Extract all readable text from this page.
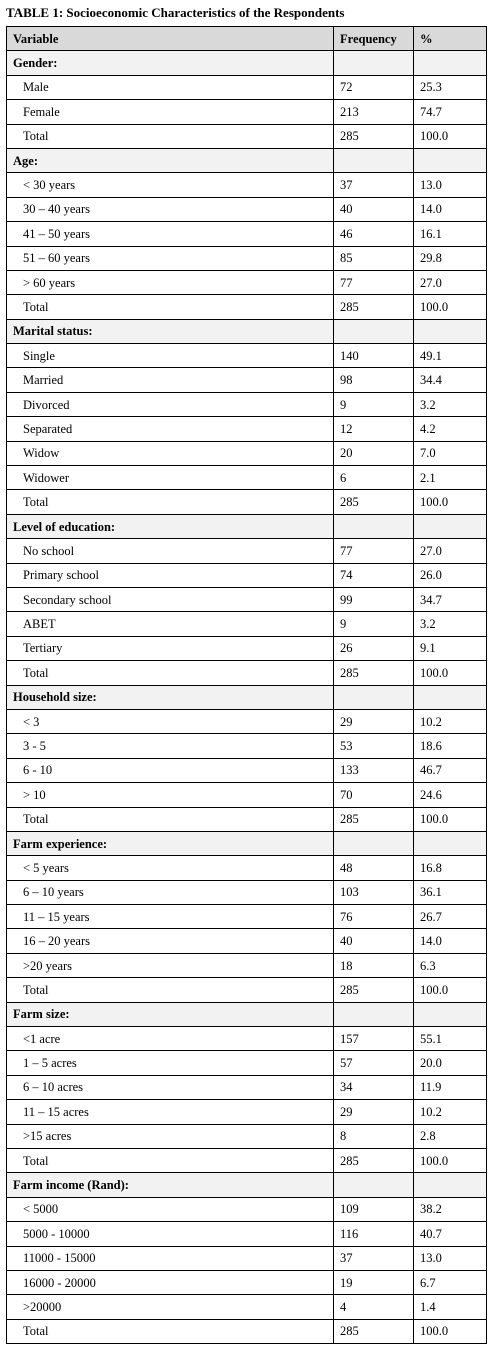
TABLE 1: Socioeconomic Characteristics of the Respondents
Variable	Frequency	%
Gender:		
Male	72	25.3
Female	213	74.7
Total	285	100.0
Age:		
< 30 years	37	13.0
30 – 40 years	40	14.0
41 – 50 years	46	16.1
51 – 60 years	85	29.8
> 60 years	77	27.0
Total	285	100.0
Marital status:		
Single	140	49.1
Married	98	34.4
Divorced	9	3.2
Separated	12	4.2
Widow	20	7.0
Widower	6	2.1
Total	285	100.0
Level of education:		
No school	77	27.0
Primary school	74	26.0
Secondary school	99	34.7
ABET	9	3.2
Tertiary	26	9.1
Total	285	100.0
Household size:		
< 3	29	10.2
3 - 5	53	18.6
6 - 10	133	46.7
> 10	70	24.6
Total	285	100.0
Farm experience:		
< 5 years	48	16.8
6 – 10 years	103	36.1
11 – 15 years	76	26.7
16 – 20 years	40	14.0
>20 years	18	6.3
Total	285	100.0
Farm size:		
<1 acre	157	55.1
1 – 5 acres	57	20.0
6 – 10 acres	34	11.9
11 – 15 acres	29	10.2
>15 acres	8	2.8
Total	285	100.0
Farm income (Rand):		
< 5000	109	38.2
5000 - 10000	116	40.7
11000 - 15000	37	13.0
16000 - 20000	19	6.7
>20000	4	1.4
Total	285	100.0
